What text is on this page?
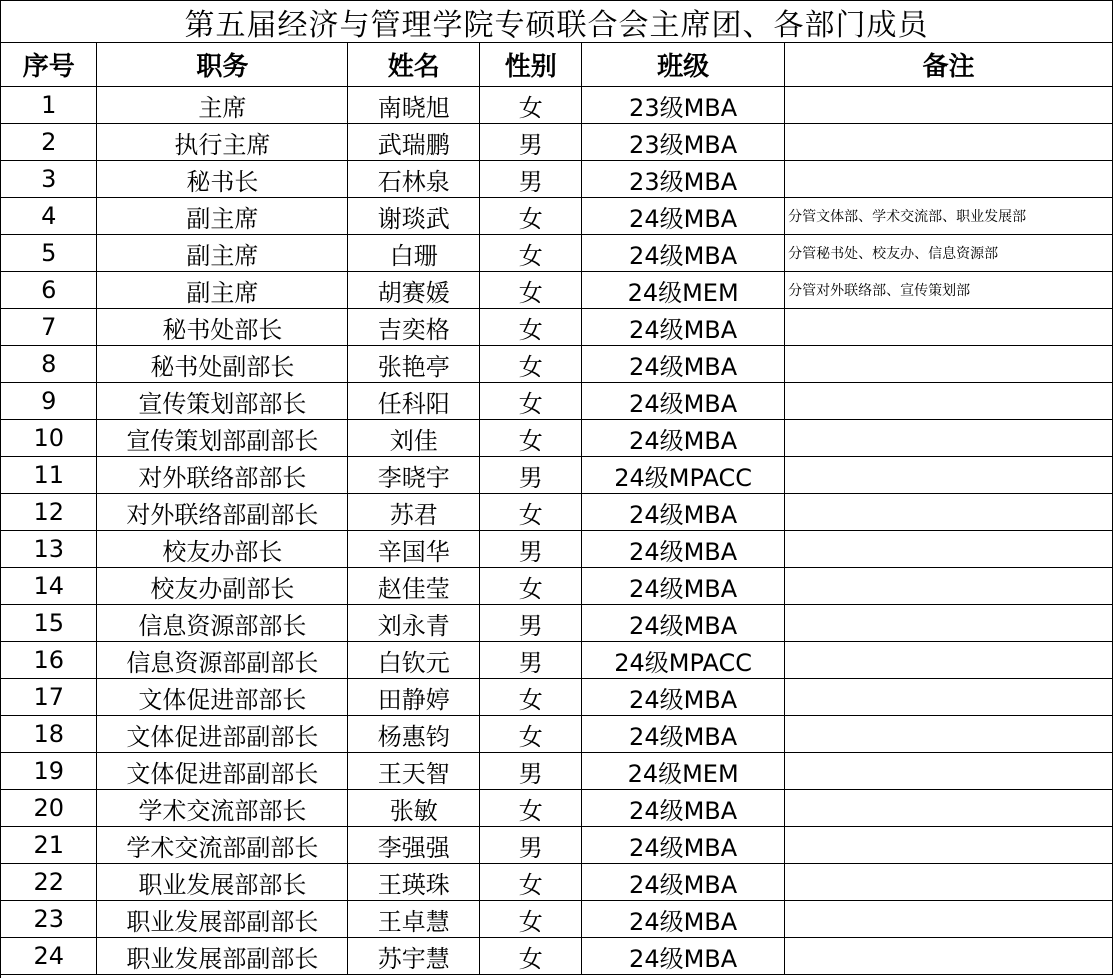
第五届经济与管理学院专硕联合会主席团、各部门成员
序号	职务	姓名	性别	班级	备注
1	主席	南晓旭	女	23级MBA	
2	执行主席	武瑞鹏	男	23级MBA	
3	秘书长	石林泉	男	23级MBA	
4	副主席	谢琰武	女	24级MBA	分管文体部、学术交流部、职业发展部
5	副主席	白珊	女	24级MBA	分管秘书处、校友办、信息资源部
6	副主席	胡赛媛	女	24级MEM	分管对外联络部、宣传策划部
7	秘书处部长	吉奕格	女	24级MBA	
8	秘书处副部长	张艳亭	女	24级MBA	
9	宣传策划部部长	任科阳	女	24级MBA	
10	宣传策划部副部长	刘佳	女	24级MBA	
11	对外联络部部长	李晓宇	男	24级MPACC	
12	对外联络部副部长	苏君	女	24级MBA	
13	校友办部长	辛国华	男	24级MBA	
14	校友办副部长	赵佳莹	女	24级MBA	
15	信息资源部部长	刘永青	男	24级MBA	
16	信息资源部副部长	白钦元	男	24级MPACC	
17	文体促进部部长	田静婷	女	24级MBA	
18	文体促进部副部长	杨惠钧	女	24级MBA	
19	文体促进部副部长	王天智	男	24级MEM	
20	学术交流部部长	张敏	女	24级MBA	
21	学术交流部副部长	李强强	男	24级MBA	
22	职业发展部部长	王瑛珠	女	24级MBA	
23	职业发展部副部长	王卓慧	女	24级MBA	
24	职业发展部副部长	苏宇慧	女	24级MBA	
